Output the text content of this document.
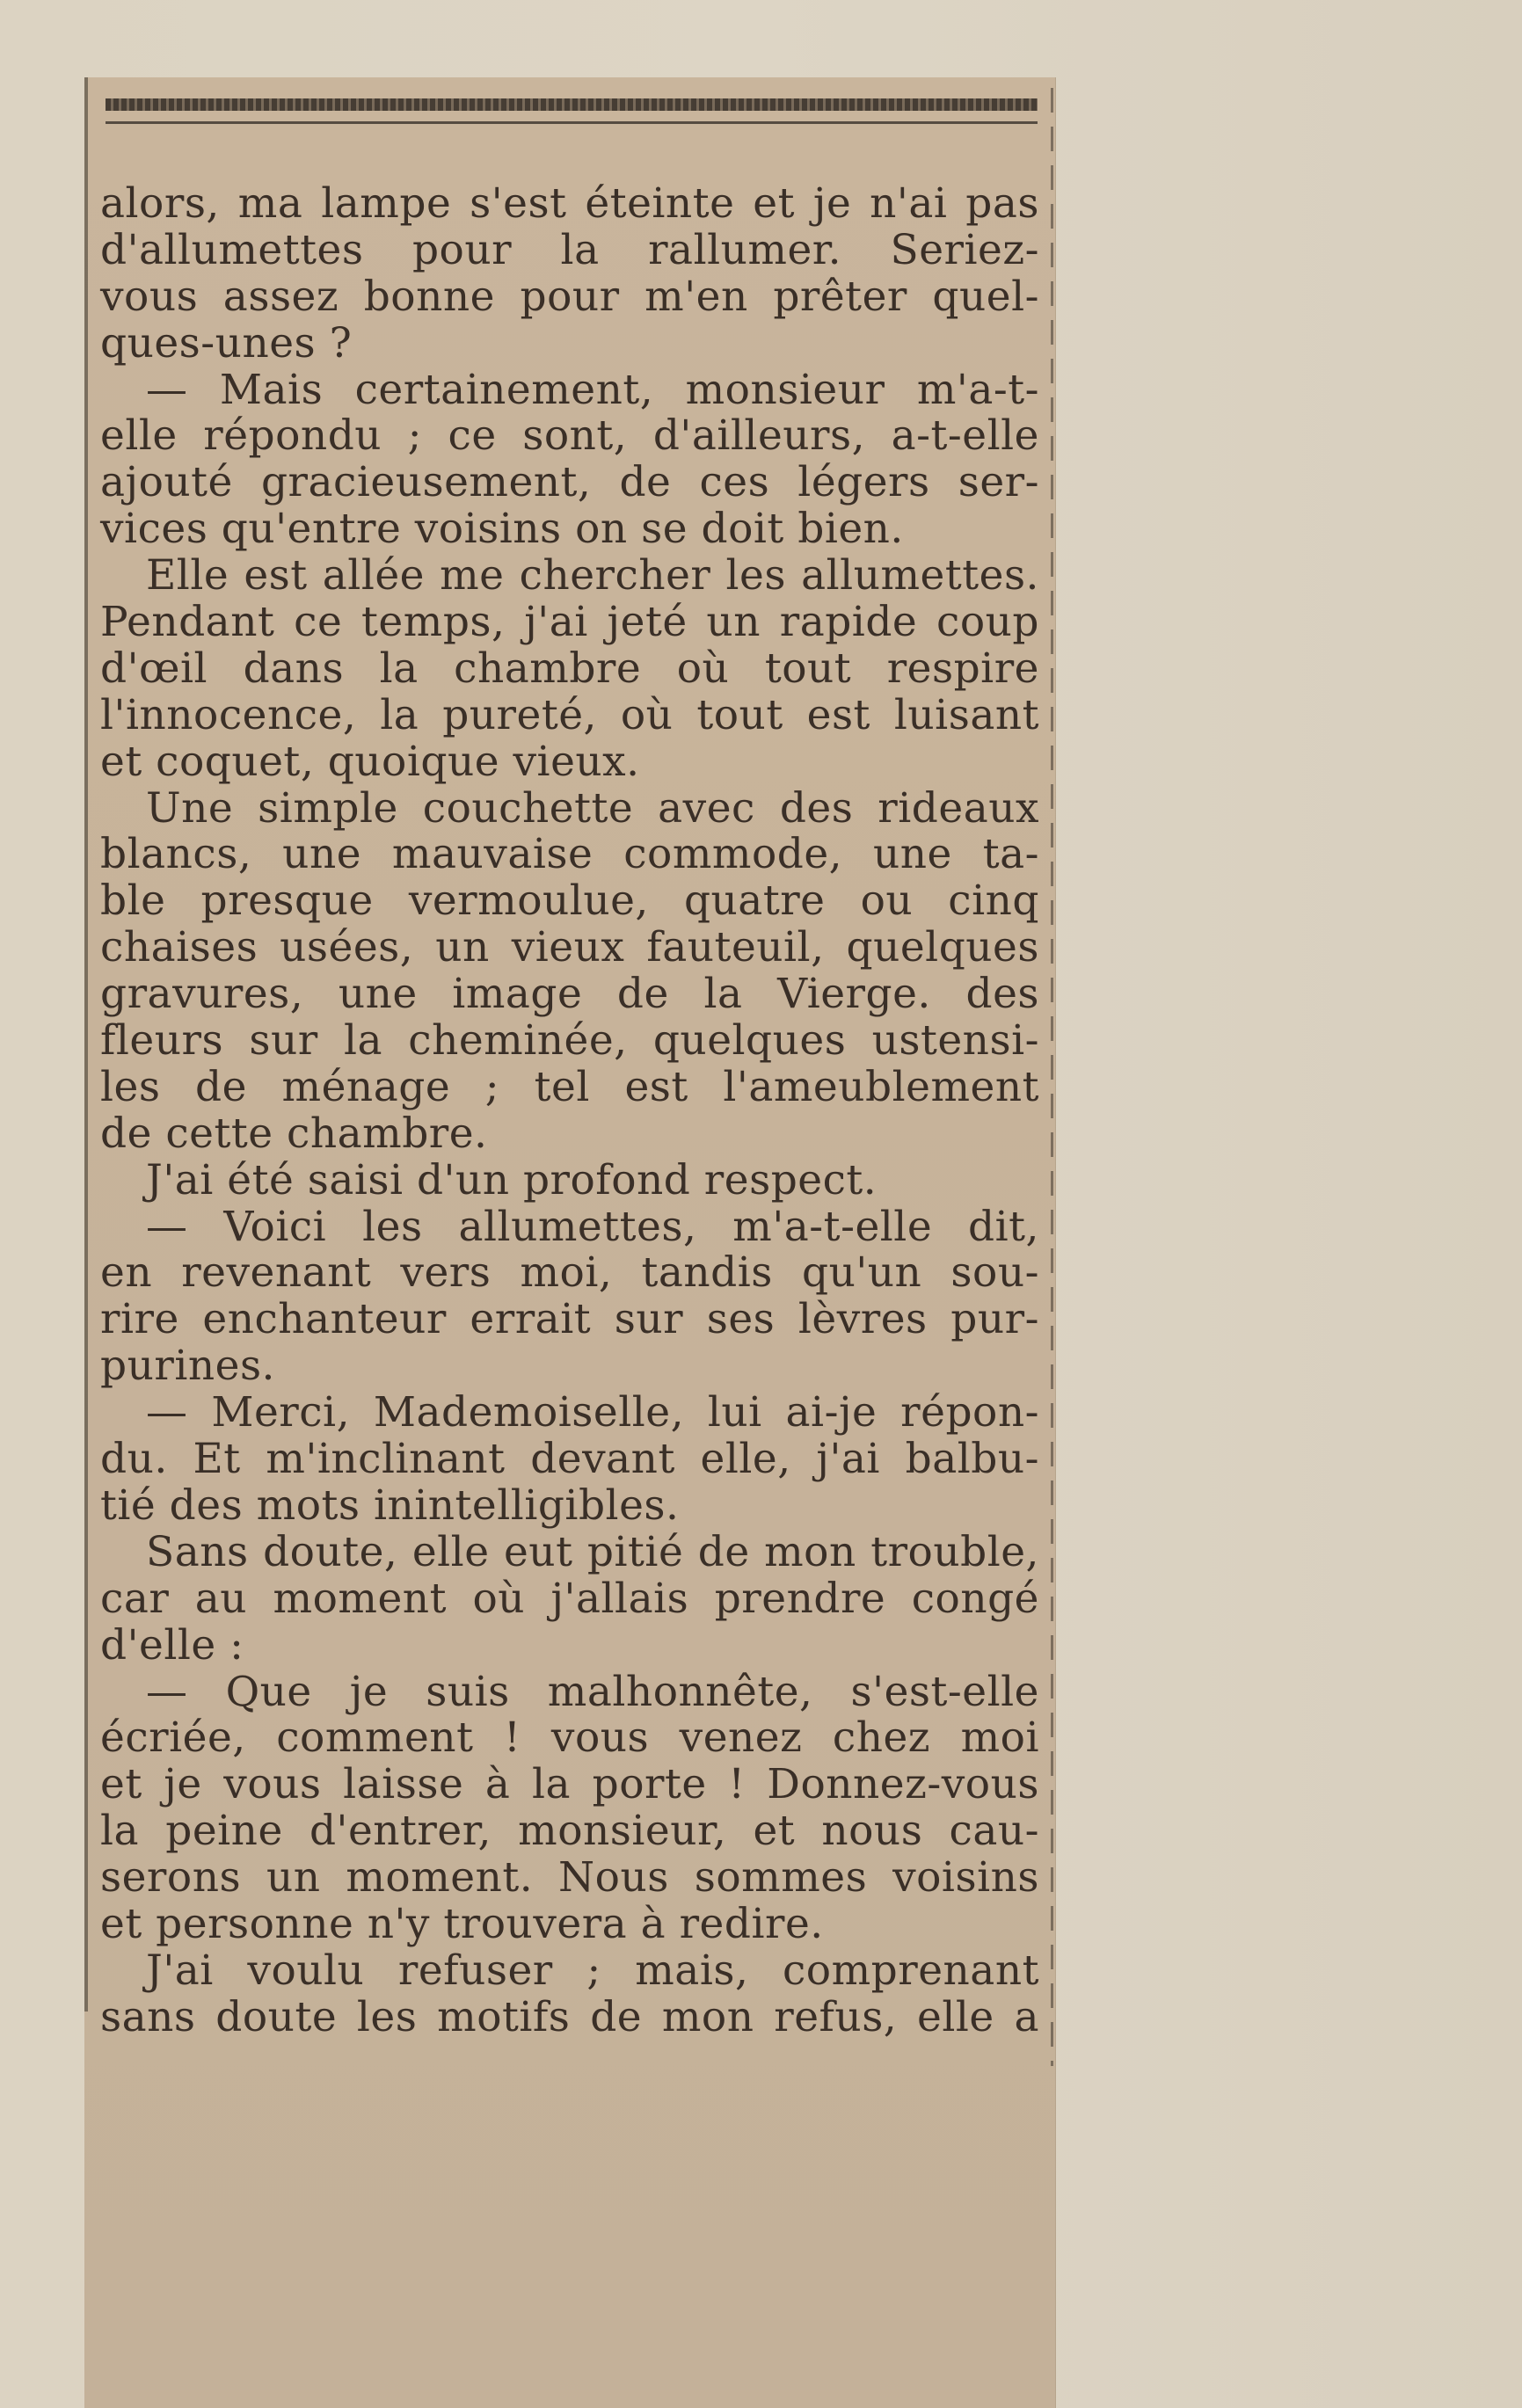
alors, ma lampe s'est éteinte et je n'ai pas
d'allumettes pour la rallumer. Seriez-
vous assez bonne pour m'en prêter quel-
ques-unes ?
— Mais certainement, monsieur m'a-t-
elle répondu ; ce sont, d'ailleurs, a-t-elle
ajouté gracieusement, de ces légers ser-
vices qu'entre voisins on se doit bien.
Elle est allée me chercher les allumettes.
Pendant ce temps, j'ai jeté un rapide coup
d'œil dans la chambre où tout respire
l'innocence, la pureté, où tout est luisant
et coquet, quoique vieux.
Une simple couchette avec des rideaux
blancs, une mauvaise commode, une ta-
ble presque vermoulue, quatre ou cinq
chaises usées, un vieux fauteuil, quelques
gravures, une image de la Vierge. des
fleurs sur la cheminée, quelques ustensi-
les de ménage ; tel est l'ameublement
de cette chambre.
J'ai été saisi d'un profond respect.
— Voici les allumettes, m'a-t-elle dit,
en revenant vers moi, tandis qu'un sou-
rire enchanteur errait sur ses lèvres pur-
purines.
— Merci, Mademoiselle, lui ai-je répon-
du. Et m'inclinant devant elle, j'ai balbu-
tié des mots inintelligibles.
Sans doute, elle eut pitié de mon trouble,
car au moment où j'allais prendre congé
d'elle :
— Que je suis malhonnête, s'est-elle
écriée, comment ! vous venez chez moi
et je vous laisse à la porte ! Donnez-vous
la peine d'entrer, monsieur, et nous cau-
serons un moment. Nous sommes voisins
et personne n'y trouvera à redire.
J'ai voulu refuser ; mais, comprenant
sans doute les motifs de mon refus, elle a
